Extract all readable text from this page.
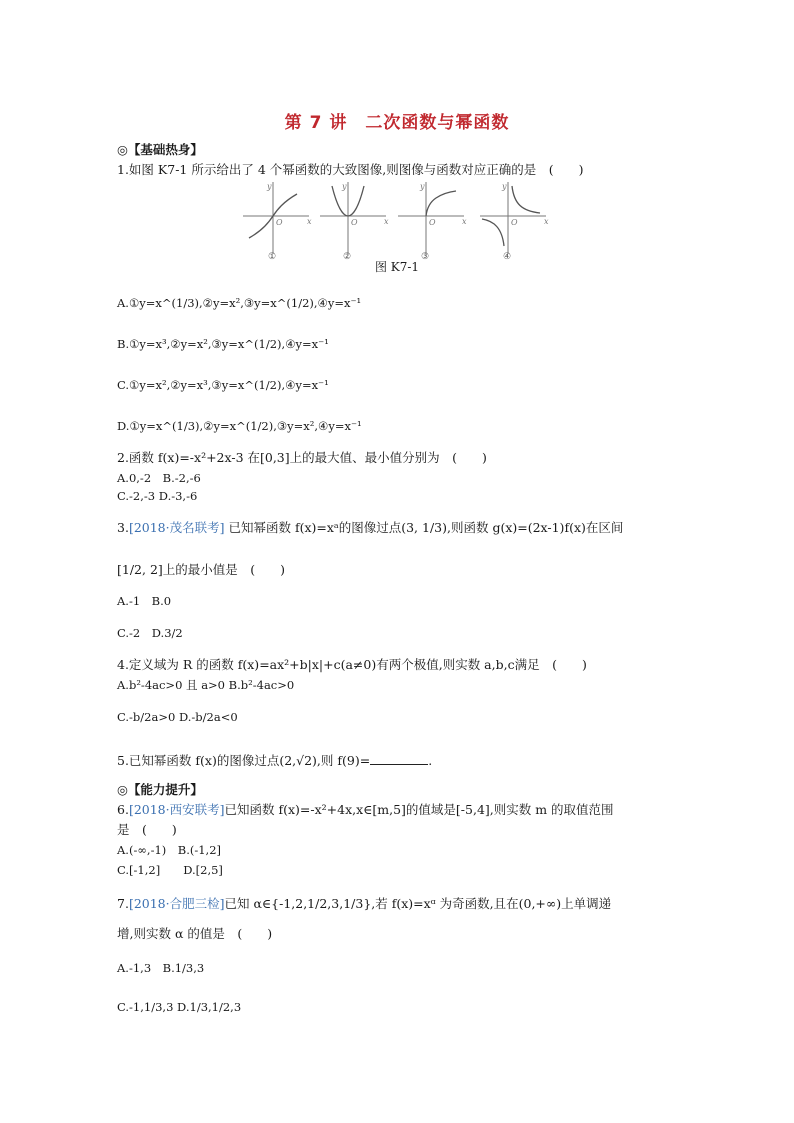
第 7 讲　二次函数与幂函数
◎【基础热身】
1.如图 K7-1 所示给出了 4 个幂函数的大致图像,则图像与函数对应正确的是　(　　)
y
x
O
①
y
x
O
②
y
x
O
③
y
x
O
④
图 K7-1
A.①y=x^(1/3),②y=x²,③y=x^(1/2),④y=x⁻¹
B.①y=x³,②y=x²,③y=x^(1/2),④y=x⁻¹
C.①y=x²,②y=x³,③y=x^(1/2),④y=x⁻¹
D.①y=x^(1/3),②y=x^(1/2),③y=x²,④y=x⁻¹
2.函数 f(x)=-x²+2x-3 在[0,3]上的最大值、最小值分别为　(　　)
A.0,-2　B.-2,-6
C.-2,-3 D.-3,-6
3.[2018·茂名联考] 已知幂函数 f(x)=xᵃ的图像过点(3, 1/3),则函数 g(x)=(2x-1)f(x)在区间
[1/2, 2]上的最小值是　(　　)
A.-1　B.0
C.-2　D.3/2
4.定义域为 R 的函数 f(x)=ax²+b|x|+c(a≠0)有两个极值,则实数 a,b,c满足　(　　)
A.b²-4ac>0 且 a>0 B.b²-4ac>0
C.-b/2a>0 D.-b/2a<0
5.已知幂函数 f(x)的图像过点(2,√2),则 f(9)=	.
◎【能力提升】
6.[2018·西安联考]已知函数 f(x)=-x²+4x,x∈[m,5]的值域是[-5,4],则实数 m 的取值范围
是　(　　)
A.(-∞,-1)　B.(-1,2]
C.[-1,2]　　D.[2,5]
7.[2018·合肥三检]已知 α∈{-1,2,1/2,3,1/3},若 f(x)=xᵅ 为奇函数,且在(0,+∞)上单调递
增,则实数 α 的值是　(　　)
A.-1,3　B.1/3,3
C.-1,1/3,3 D.1/3,1/2,3
